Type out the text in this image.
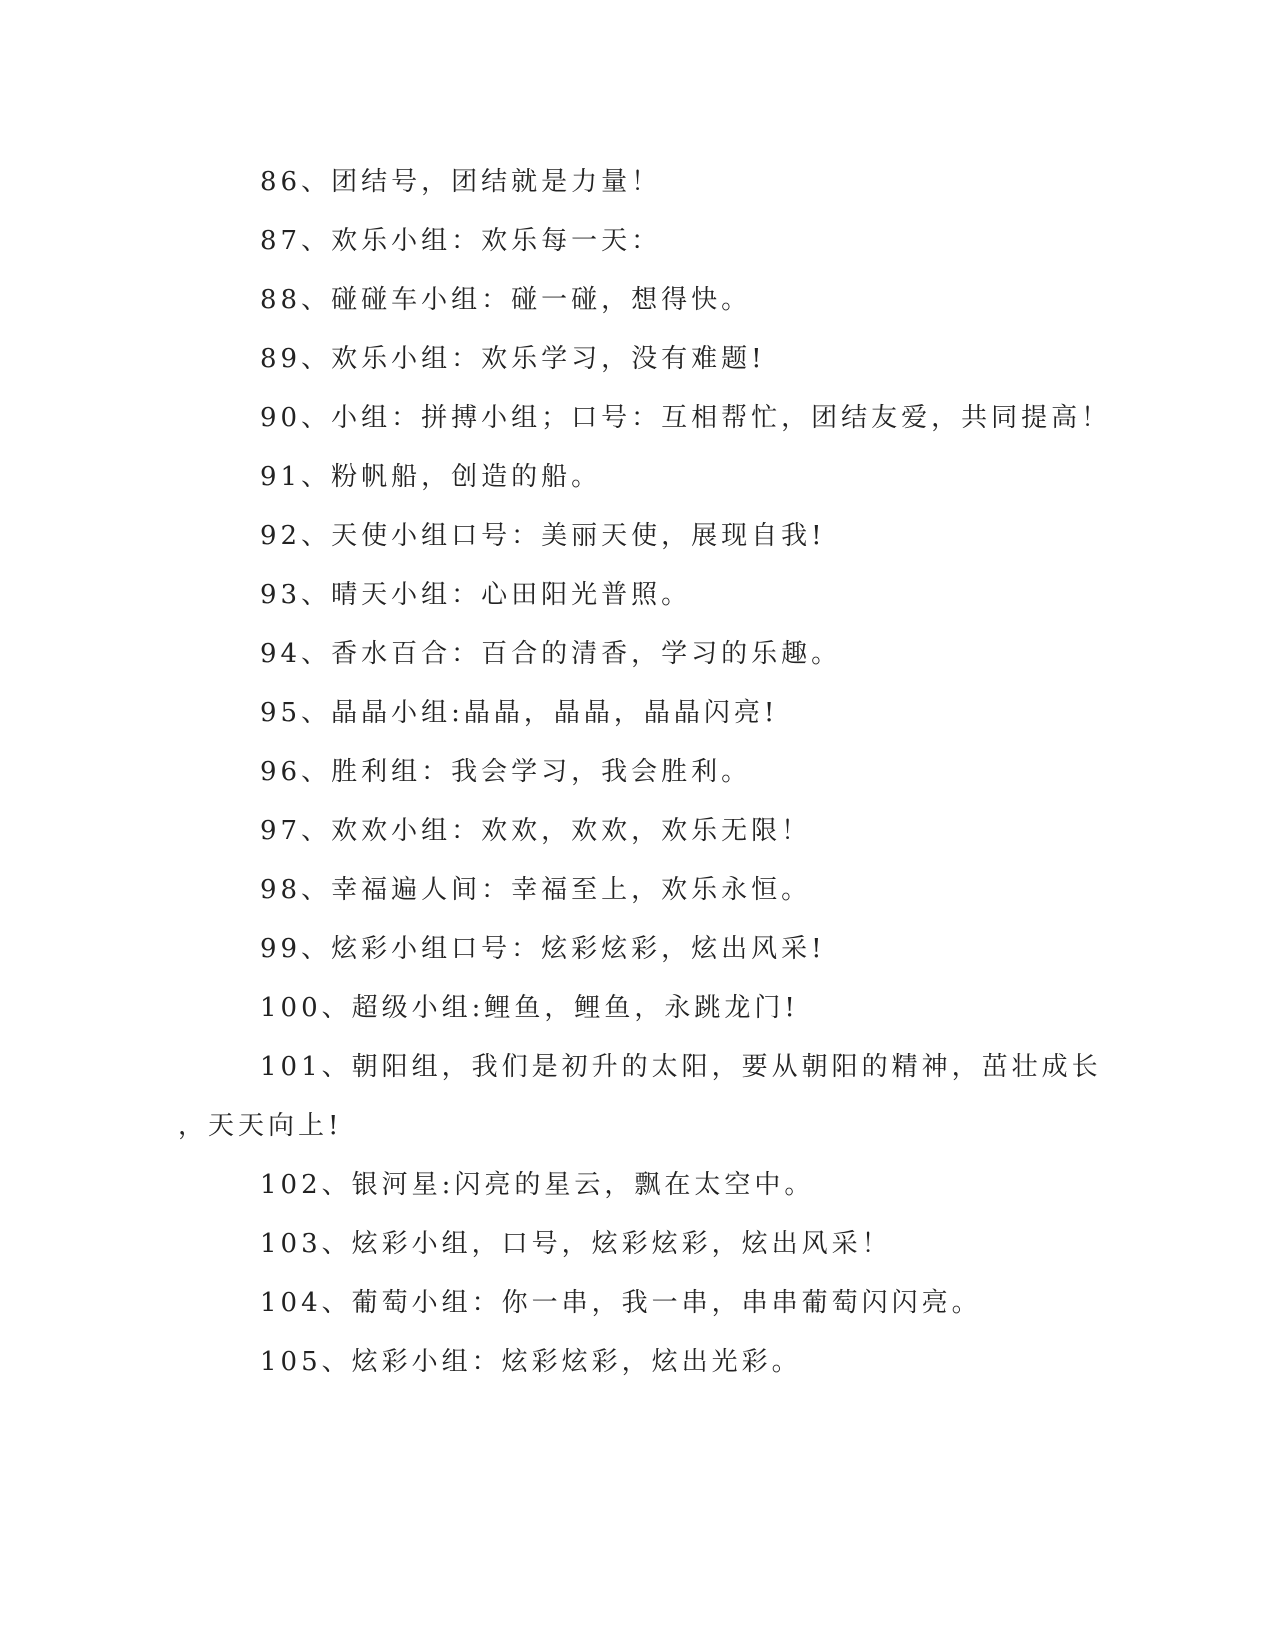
86、团结号，团结就是力量！
87、欢乐小组：欢乐每一天：
88、碰碰车小组：碰一碰，想得快。
89、欢乐小组：欢乐学习，没有难题!
90、小组：拼搏小组；口号：互相帮忙，团结友爱，共同提高！
91、粉帆船，创造的船。
92、天使小组口号：美丽天使，展现自我!
93、晴天小组：心田阳光普照。
94、香水百合：百合的清香，学习的乐趣。
95、晶晶小组:晶晶，晶晶，晶晶闪亮!
96、胜利组：我会学习，我会胜利。
97、欢欢小组：欢欢，欢欢，欢乐无限！
98、幸福遍人间：幸福至上，欢乐永恒。
99、炫彩小组口号：炫彩炫彩，炫出风采!
100、超级小组:鲤鱼，鲤鱼，永跳龙门!
101、朝阳组，我们是初升的太阳，要从朝阳的精神，茁壮成长
，天天向上!
102、银河星:闪亮的星云，飘在太空中。
103、炫彩小组，口号，炫彩炫彩，炫出风采！
104、葡萄小组：你一串，我一串，串串葡萄闪闪亮。
105、炫彩小组：炫彩炫彩，炫出光彩。
